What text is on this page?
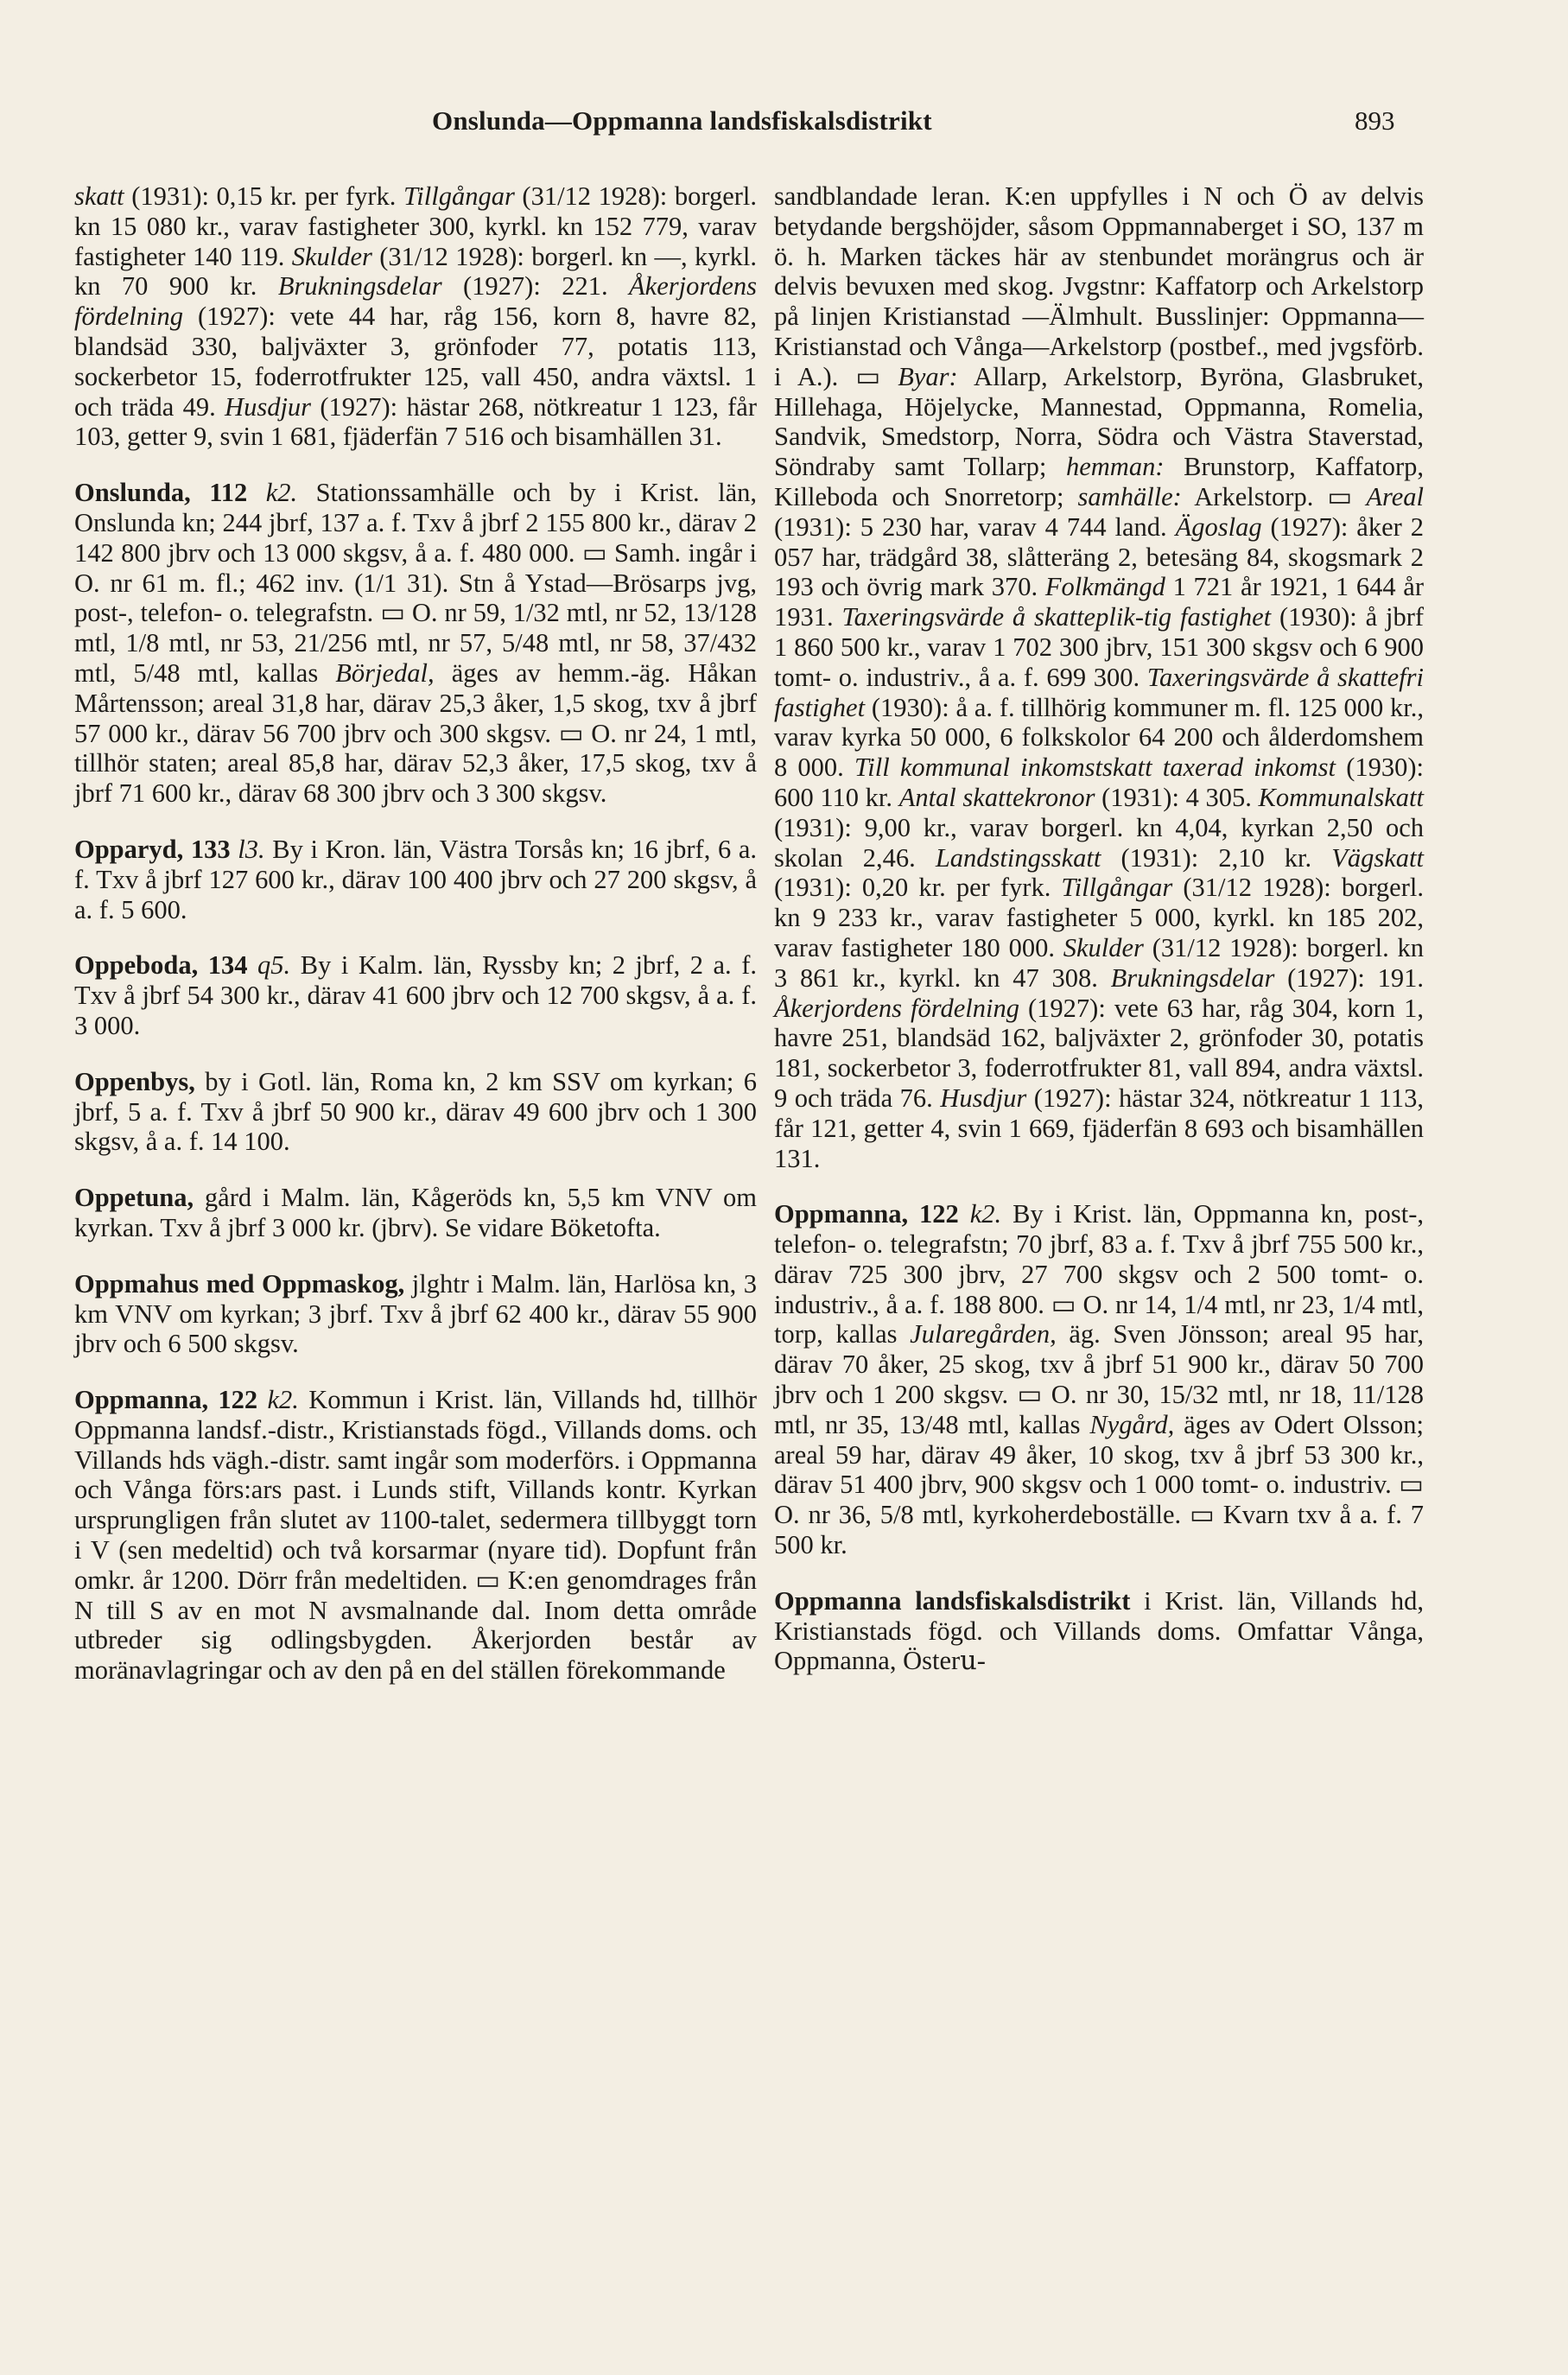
Onslunda—Oppmanna landsfiskalsdistrikt	893

skatt (1931): 0,15 kr. per fyrk. Tillgångar (31/12 1928): borgerl. kn 15 080 kr., varav fastigheter 300, kyrkl. kn 152 779, varav fastigheter 140 119. Skulder (31/12 1928): borgerl. kn —, kyrkl. kn 70 900 kr. Brukningsdelar (1927): 221. Åkerjordens fördelning (1927): vete 44 har, råg 156, korn 8, havre 82, blandsäd 330, baljväxter 3, grönfoder 77, potatis 113, sockerbetor 15, foderrotfrukter 125, vall 450, andra växtsl. 1 och träda 49. Husdjur (1927): hästar 268, nötkreatur 1 123, får 103, getter 9, svin 1 681, fjäderfän 7 516 och bisamhällen 31.

Onslunda, 112 k2. Stationssamhälle och by i Krist. län, Onslunda kn; 244 jbrf, 137 a. f. Txv å jbrf 2 155 800 kr., därav 2 142 800 jbrv och 13 000 skgsv, å a. f. 480 000. ▭ Samh. ingår i O. nr 61 m. fl.; 462 inv. (1/1 31). Stn å Ystad—Brösarps jvg, post-, telefon- o. telegrafstn. ▭ O. nr 59, 1/32 mtl, nr 52, 13/128 mtl, 1/8 mtl, nr 53, 21/256 mtl, nr 57, 5/48 mtl, nr 58, 37/432 mtl, 5/48 mtl, kallas Börjedal, äges av hemm.-äg. Håkan Mårtensson; areal 31,8 har, därav 25,3 åker, 1,5 skog, txv å jbrf 57 000 kr., därav 56 700 jbrv och 300 skgsv. ▭ O. nr 24, 1 mtl, tillhör staten; areal 85,8 har, därav 52,3 åker, 17,5 skog, txv å jbrf 71 600 kr., därav 68 300 jbrv och 3 300 skgsv.

Opparyd, 133 l3. By i Kron. län, Västra Torsås kn; 16 jbrf, 6 a. f. Txv å jbrf 127 600 kr., därav 100 400 jbrv och 27 200 skgsv, å a. f. 5 600.

Oppeboda, 134 q5. By i Kalm. län, Ryssby kn; 2 jbrf, 2 a. f. Txv å jbrf 54 300 kr., därav 41 600 jbrv och 12 700 skgsv, å a. f. 3 000.

Oppenbys, by i Gotl. län, Roma kn, 2 km SSV om kyrkan; 6 jbrf, 5 a. f. Txv å jbrf 50 900 kr., därav 49 600 jbrv och 1 300 skgsv, å a. f. 14 100.

Oppetuna, gård i Malm. län, Kågeröds kn, 5,5 km VNV om kyrkan. Txv å jbrf 3 000 kr. (jbrv). Se vidare Böketofta.

Oppmahus med Oppmaskog, jlghtr i Malm. län, Harlösa kn, 3 km VNV om kyrkan; 3 jbrf. Txv å jbrf 62 400 kr., därav 55 900 jbrv och 6 500 skgsv.

Oppmanna, 122 k2. Kommun i Krist. län, Villands hd, tillhör Oppmanna landsf.-distr., Kristianstads fögd., Villands doms. och Villands hds vägh.-distr. samt ingår som moderförs. i Oppmanna och Vånga förs:ars past. i Lunds stift, Villands kontr. Kyrkan ursprungligen från slutet av 1100-talet, sedermera tillbyggt torn i V (sen medeltid) och två korsarmar (nyare tid). Dopfunt från omkr. år 1200. Dörr från medeltiden. ▭ K:en genomdrages från N till S av en mot N avsmalnande dal. Inom detta område utbreder sig odlingsbygden. Åkerjorden består av moränavlagringar och av den på en del ställen förekommande

sandblandade leran. K:en uppfylles i N och Ö av delvis betydande bergshöjder, såsom Oppmannaberget i SO, 137 m ö. h. Marken täckes här av stenbundet morängrus och är delvis bevuxen med skog. Jvgstnr: Kaffatorp och Arkelstorp på linjen Kristianstad —Älmhult. Busslinjer: Oppmanna—Kristianstad och Vånga—Arkelstorp (postbef., med jvgsförb. i A.). ▭ Byar: Allarp, Arkelstorp, Byröna, Glasbruket, Hillehaga, Höjelycke, Mannestad, Oppmanna, Romelia, Sandvik, Smedstorp, Norra, Södra och Västra Staverstad, Söndraby samt Tollarp; hemman: Brunstorp, Kaffatorp, Killeboda och Snorretorp; samhälle: Arkelstorp. ▭ Areal (1931): 5 230 har, varav 4 744 land. Ägoslag (1927): åker 2 057 har, trädgård 38, slåtteräng 2, betesäng 84, skogsmark 2 193 och övrig mark 370. Folkmängd 1 721 år 1921, 1 644 år 1931. Taxeringsvärde å skatteplik-tig fastighet (1930): å jbrf 1 860 500 kr., varav 1 702 300 jbrv, 151 300 skgsv och 6 900 tomt- o. industriv., å a. f. 699 300. Taxeringsvärde å skattefri fastighet (1930): å a. f. tillhörig kommuner m. fl. 125 000 kr., varav kyrka 50 000, 6 folkskolor 64 200 och ålderdomshem 8 000. Till kommunal inkomstskatt taxerad inkomst (1930): 600 110 kr. Antal skattekronor (1931): 4 305. Kommunalskatt (1931): 9,00 kr., varav borgerl. kn 4,04, kyrkan 2,50 och skolan 2,46. Landstingsskatt (1931): 2,10 kr. Vägskatt (1931): 0,20 kr. per fyrk. Tillgångar (31/12 1928): borgerl. kn 9 233 kr., varav fastigheter 5 000, kyrkl. kn 185 202, varav fastigheter 180 000. Skulder (31/12 1928): borgerl. kn 3 861 kr., kyrkl. kn 47 308. Brukningsdelar (1927): 191. Åkerjordens fördelning (1927): vete 63 har, råg 304, korn 1, havre 251, blandsäd 162, baljväxter 2, grönfoder 30, potatis 181, sockerbetor 3, foderrotfrukter 81, vall 894, andra växtsl. 9 och träda 76. Husdjur (1927): hästar 324, nötkreatur 1 113, får 121, getter 4, svin 1 669, fjäderfän 8 693 och bisamhällen 131.

Oppmanna, 122 k2. By i Krist. län, Oppmanna kn, post-, telefon- o. telegrafstn; 70 jbrf, 83 a. f. Txv å jbrf 755 500 kr., därav 725 300 jbrv, 27 700 skgsv och 2 500 tomt- o. industriv., å a. f. 188 800. ▭ O. nr 14, 1/4 mtl, nr 23, 1/4 mtl, torp, kallas Jularegården, äg. Sven Jönsson; areal 95 har, därav 70 åker, 25 skog, txv å jbrf 51 900 kr., därav 50 700 jbrv och 1 200 skgsv. ▭ O. nr 30, 15/32 mtl, nr 18, 11/128 mtl, nr 35, 13/48 mtl, kallas Nygård, äges av Odert Olsson; areal 59 har, därav 49 åker, 10 skog, txv å jbrf 53 300 kr., därav 51 400 jbrv, 900 skgsv och 1 000 tomt- o. industriv. ▭ O. nr 36, 5/8 mtl, kyrkoherdeboställe. ▭ Kvarn txv å a. f. 7 500 kr.

Oppmanna landsfiskalsdistrikt i Krist. län, Villands hd, Kristianstads fögd. och Villands doms. Omfattar Vånga, Oppmanna, Österս-
